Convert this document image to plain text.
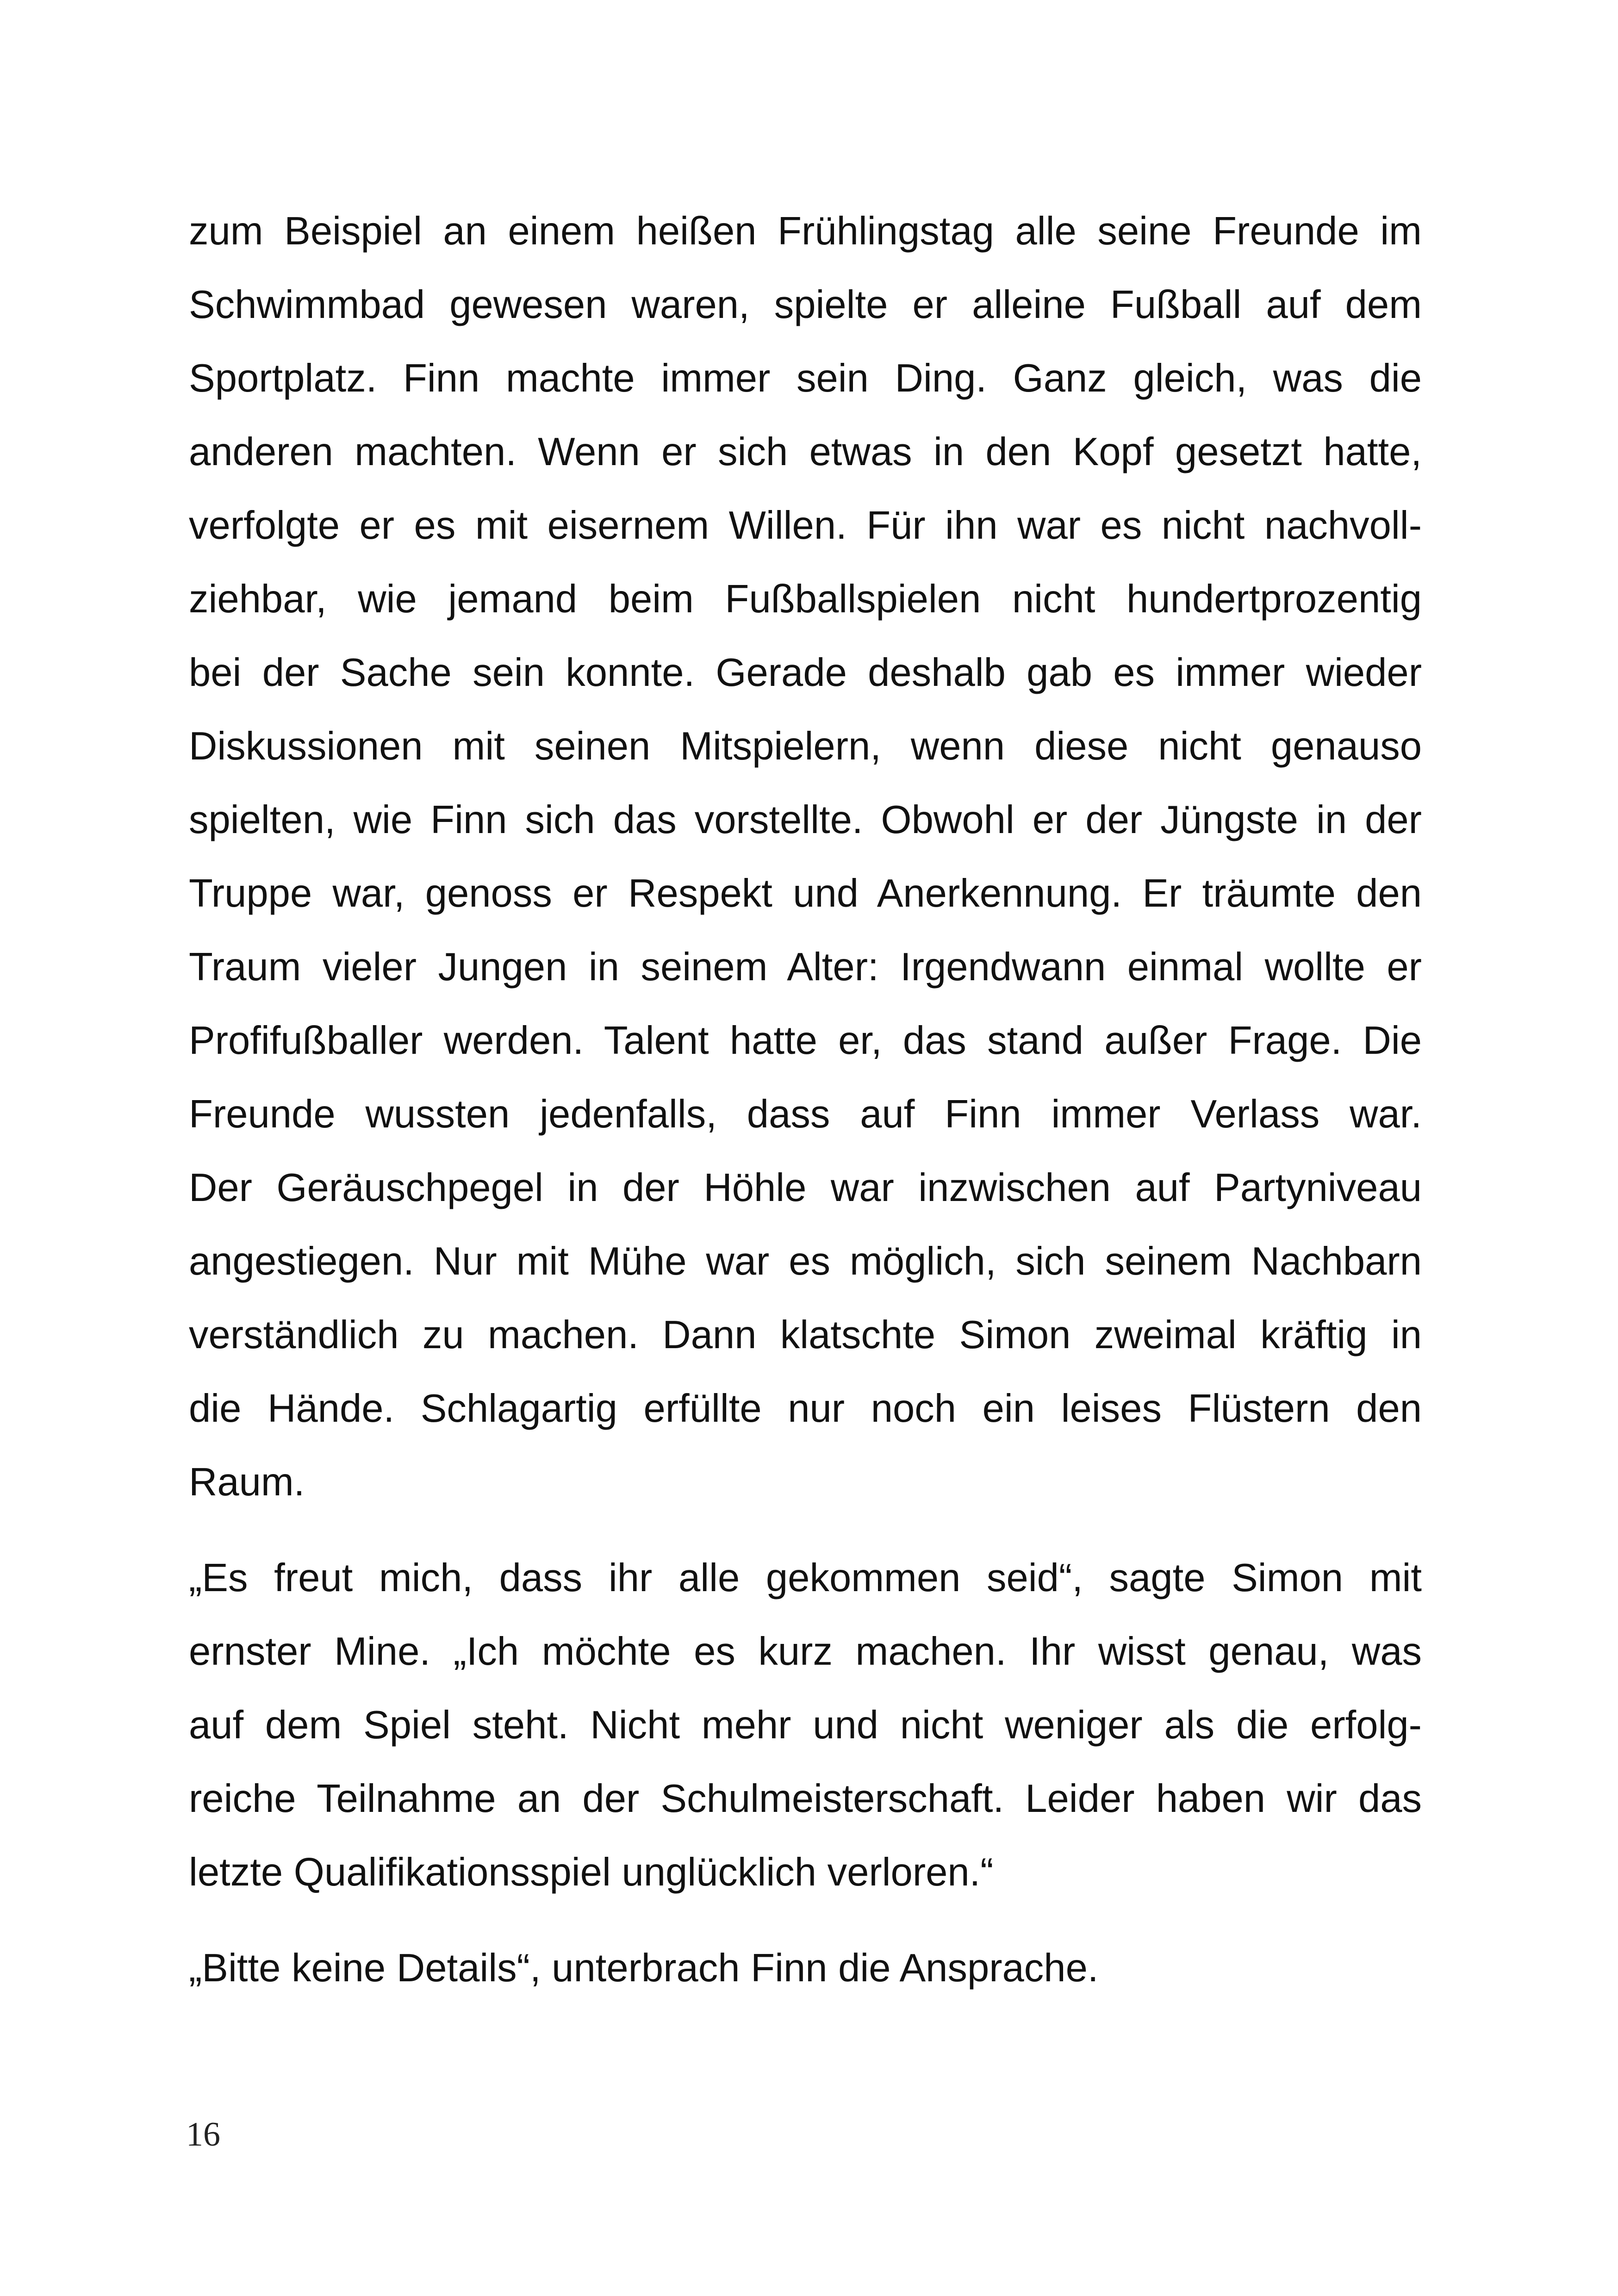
zum Beispiel an einem heißen Frühlingstag alle seine Freunde im
Schwimmbad gewesen waren, spielte er alleine Fußball auf dem
Sportplatz. Finn machte immer sein Ding. Ganz gleich, was die
anderen machten. Wenn er sich etwas in den Kopf gesetzt hatte,
verfolgte er es mit eisernem Willen. Für ihn war es nicht nachvoll-
ziehbar, wie jemand beim Fußballspielen nicht hundertprozentig
bei der Sache sein konnte. Gerade deshalb gab es immer wieder
Diskussionen mit seinen Mitspielern, wenn diese nicht genauso
spielten, wie Finn sich das vorstellte. Obwohl er der Jüngste in der
Truppe war, genoss er Respekt und Anerkennung. Er träumte den
Traum vieler Jungen in seinem Alter: Irgendwann einmal wollte er
Profifußballer werden. Talent hatte er, das stand außer Frage. Die
Freunde wussten jedenfalls, dass auf Finn immer Verlass war.
Der Geräuschpegel in der Höhle war inzwischen auf Partyniveau
angestiegen. Nur mit Mühe war es möglich, sich seinem Nachbarn
verständlich zu machen. Dann klatschte Simon zweimal kräftig in
die Hände. Schlagartig erfüllte nur noch ein leises Flüstern den
Raum.
„Es freut mich, dass ihr alle gekommen seid“, sagte Simon mit
ernster Mine. „Ich möchte es kurz machen. Ihr wisst genau, was
auf dem Spiel steht. Nicht mehr und nicht weniger als die erfolg-
reiche Teilnahme an der Schulmeisterschaft. Leider haben wir das
letzte Qualifikationsspiel unglücklich verloren.“
„Bitte keine Details“, unterbrach Finn die Ansprache.
16
